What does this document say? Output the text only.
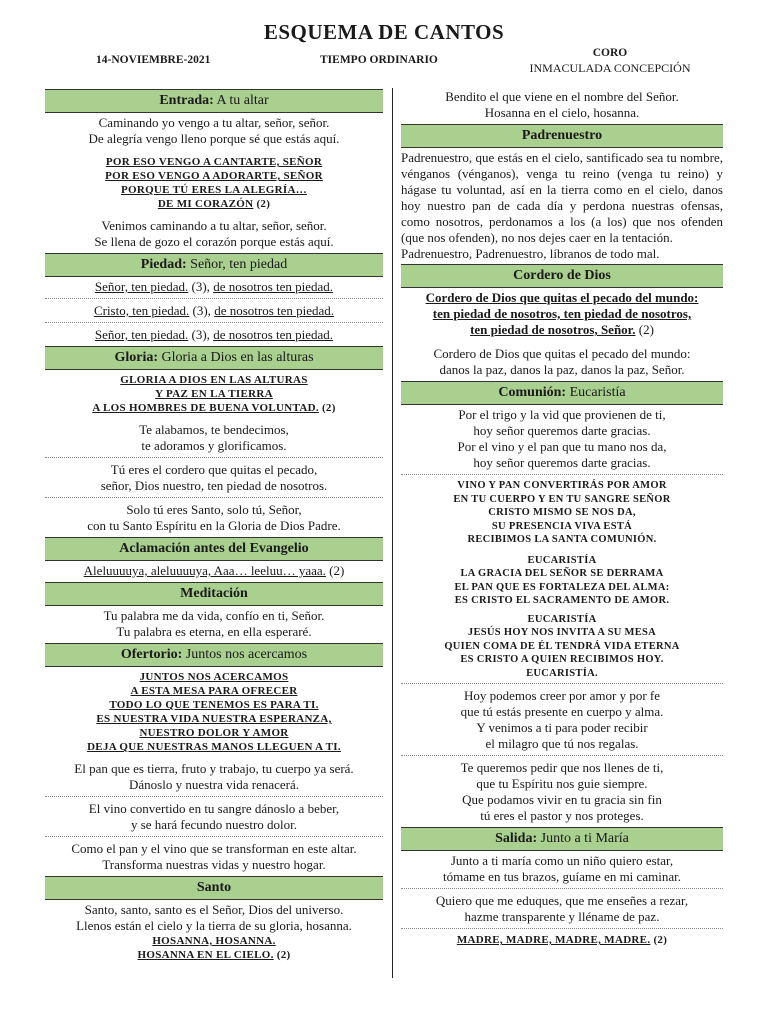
ESQUEMA DE CANTOS
14-NOVIEMBRE-2021	TIEMPO ORDINARIO
CORO
INMACULADA CONCEPCIÓN
Entrada: A tu altar
Caminando yo vengo a tu altar, señor, señor.
De alegría vengo lleno porque sé que estás aquí.
POR ESO VENGO A CANTARTE, SEÑOR
POR ESO VENGO A ADORARTE, SEÑOR
PORQUE TÚ ERES LA ALEGRÍA…
DE MI CORAZÓN (2)
Venimos caminando a tu altar, señor, señor.
Se llena de gozo el corazón porque estás aquí.
Piedad: Señor, ten piedad
Señor, ten piedad. (3), de nosotros ten piedad.
Cristo, ten piedad. (3), de nosotros ten piedad.
Señor, ten piedad. (3), de nosotros ten piedad.
Gloria: Gloria a Dios en las alturas
GLORIA A DIOS EN LAS ALTURAS
Y PAZ EN LA TIERRA
A LOS HOMBRES DE BUENA VOLUNTAD. (2)
Te alabamos, te bendecimos,
te adoramos y glorificamos.
Tú eres el cordero que quitas el pecado,
señor, Dios nuestro, ten piedad de nosotros.
Solo tú eres Santo, solo tú, Señor,
con tu Santo Espíritu en la Gloria de Dios Padre.
Aclamación antes del Evangelio
Aleluuuuya, aleluuuuya, Aaa… leeluu… yaaa. (2)
Meditación
Tu palabra me da vida, confío en ti, Señor.
Tu palabra es eterna, en ella esperaré.
Ofertorio: Juntos nos acercamos
JUNTOS NOS ACERCAMOS
A ESTA MESA PARA OFRECER
TODO LO QUE TENEMOS ES PARA TI.
ES NUESTRA VIDA NUESTRA ESPERANZA,
NUESTRO DOLOR Y AMOR
DEJA QUE NUESTRAS MANOS LLEGUEN A TI.
El pan que es tierra, fruto y trabajo, tu cuerpo ya será.
Dánoslo y nuestra vida renacerá.
El vino convertido en tu sangre dánoslo a beber,
y se hará fecundo nuestro dolor.
Como el pan y el vino que se transforman en este altar.
Transforma nuestras vidas y nuestro hogar.
Santo
Santo, santo, santo es el Señor, Dios del universo.
Llenos están el cielo y la tierra de su gloria, hosanna.
HOSANNA, HOSANNA.
HOSANNA EN EL CIELO. (2)
Bendito el que viene en el nombre del Señor.
Hosanna en el cielo, hosanna.
Padrenuestro
Padrenuestro, que estás en el cielo, santificado sea tu nombre, vénganos (vénganos), venga tu reino (venga tu reino) y hágase tu voluntad, así en la tierra como en el cielo, danos hoy nuestro pan de cada día y perdona nuestras ofensas, como nosotros, perdonamos a los (a los) que nos ofenden (que nos ofenden), no nos dejes caer en la tentación.
Padrenuestro, Padrenuestro, líbranos de todo mal.
Cordero de Dios
Cordero de Dios que quitas el pecado del mundo:
ten piedad de nosotros, ten piedad de nosotros,
ten piedad de nosotros, Señor. (2)
Cordero de Dios que quitas el pecado del mundo:
danos la paz, danos la paz, danos la paz, Señor.
Comunión: Eucaristía
Por el trigo y la vid que provienen de ti,
hoy señor queremos darte gracias.
Por el vino y el pan que tu mano nos da,
hoy señor queremos darte gracias.
VINO Y PAN CONVERTIRÁS POR AMOR
EN TU CUERPO Y EN TU SANGRE SEÑOR
CRISTO MISMO SE NOS DA,
SU PRESENCIA VIVA ESTÁ
RECIBIMOS LA SANTA COMUNIÓN.
EUCARISTÍA
LA GRACIA DEL SEÑOR SE DERRAMA
EL PAN QUE ES FORTALEZA DEL ALMA:
ES CRISTO EL SACRAMENTO DE AMOR.
EUCARISTÍA
JESÚS HOY NOS INVITA A SU MESA
QUIEN COMA DE ÉL TENDRÁ VIDA ETERNA
ES CRISTO A QUIEN RECIBIMOS HOY.
EUCARISTÍA.
Hoy podemos creer por amor y por fe
que tú estás presente en cuerpo y alma.
Y venimos a ti para poder recibir
el milagro que tú nos regalas.
Te queremos pedir que nos llenes de ti,
que tu Espíritu nos guie siempre.
Que podamos vivir en tu gracia sin fin
tú eres el pastor y nos proteges.
Salida: Junto a ti María
Junto a ti maría como un niño quiero estar,
tómame en tus brazos, guíame en mi caminar.
Quiero que me eduques, que me enseñes a rezar,
hazme transparente y lléname de paz.
MADRE, MADRE, MADRE, MADRE. (2)
